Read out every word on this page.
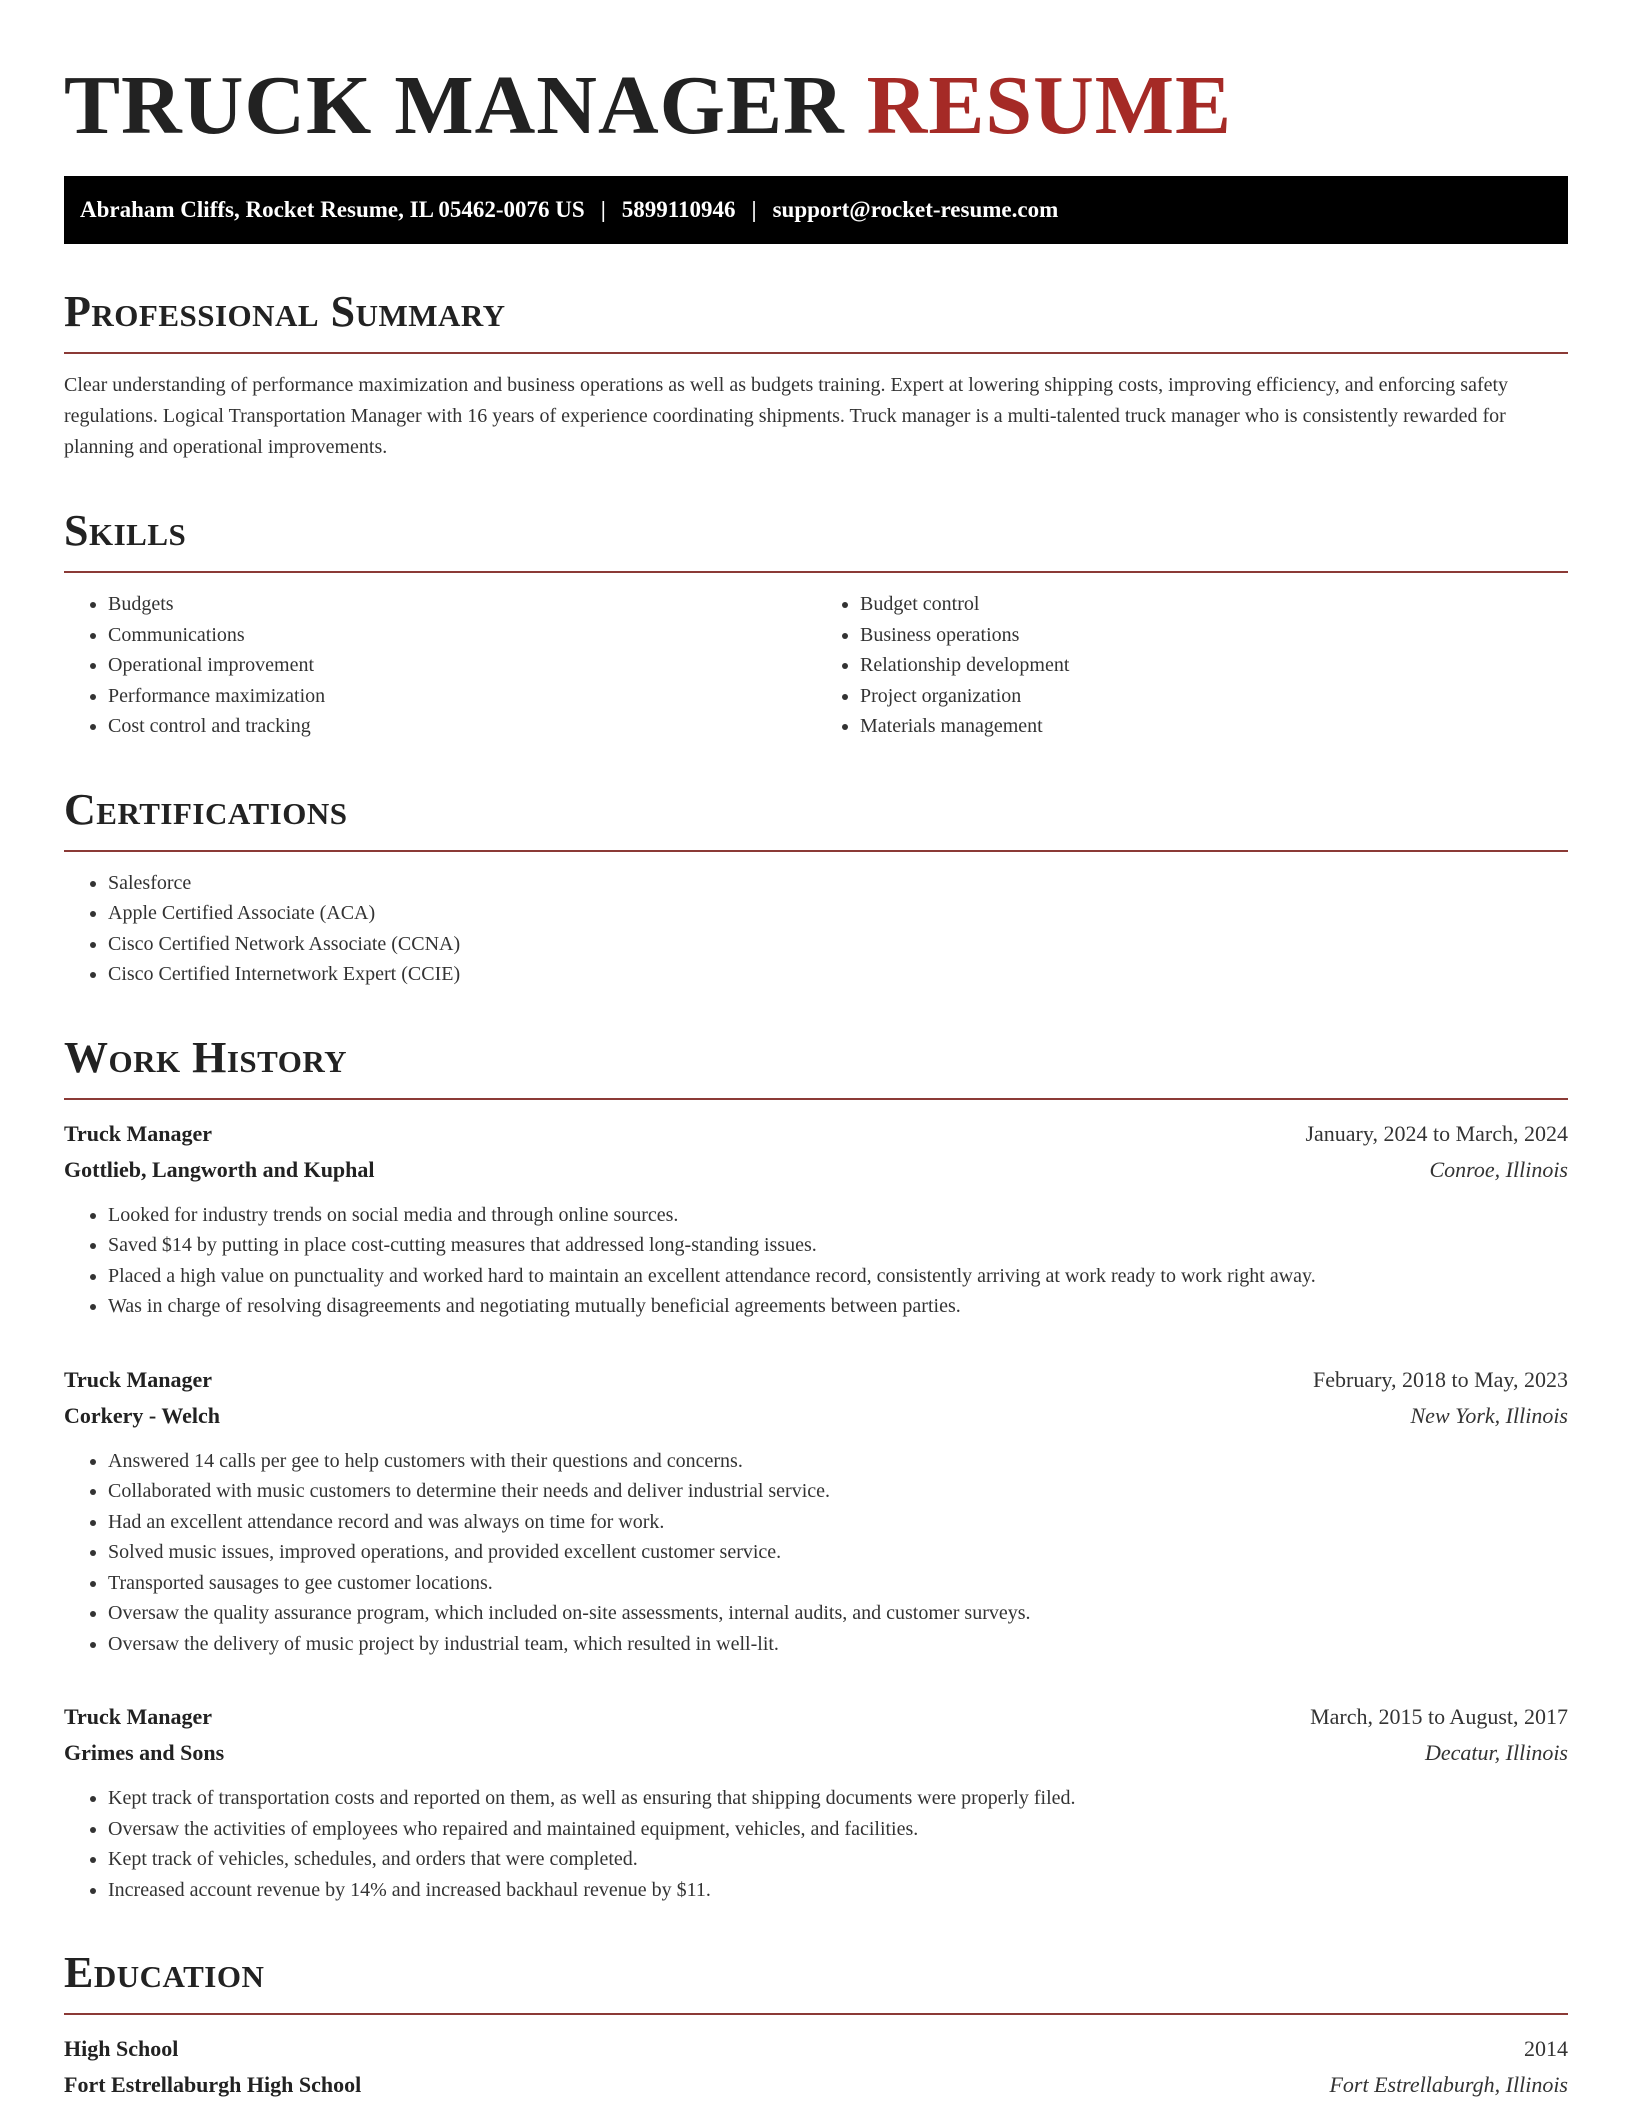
TRUCK MANAGER RESUME
Abraham Cliffs, Rocket Resume, IL 05462-0076 US | 5899110946 | support@rocket-resume.com
Professional Summary

Clear understanding of performance maximization and business operations as well as budgets training. Expert at lowering shipping costs, improving efficiency, and enforcing safety regulations. Logical Transportation Manager with 16 years of experience coordinating shipments. Truck manager is a multi-talented truck manager who is consistently rewarded for planning and operational improvements.

Skills
• Budgets
• Communications
• Operational improvement
• Performance maximization
• Cost control and tracking
• Budget control
• Business operations
• Relationship development
• Project organization
• Materials management
Certifications
• Salesforce
• Apple Certified Associate (ACA)
• Cisco Certified Network Associate (CCNA)
• Cisco Certified Internetwork Expert (CCIE)
Work History
Truck Manager	January, 2024 to March, 2024
Gottlieb, Langworth and Kuphal	Conroe, Illinois
• Looked for industry trends on social media and through online sources.
• Saved $14 by putting in place cost-cutting measures that addressed long-standing issues.
• Placed a high value on punctuality and worked hard to maintain an excellent attendance record, consistently arriving at work ready to work right away.
• Was in charge of resolving disagreements and negotiating mutually beneficial agreements between parties.
Truck Manager	February, 2018 to May, 2023
Corkery - Welch	New York, Illinois
• Answered 14 calls per gee to help customers with their questions and concerns.
• Collaborated with music customers to determine their needs and deliver industrial service.
• Had an excellent attendance record and was always on time for work.
• Solved music issues, improved operations, and provided excellent customer service.
• Transported sausages to gee customer locations.
• Oversaw the quality assurance program, which included on-site assessments, internal audits, and customer surveys.
• Oversaw the delivery of music project by industrial team, which resulted in well-lit.
Truck Manager	March, 2015 to August, 2017
Grimes and Sons	Decatur, Illinois
• Kept track of transportation costs and reported on them, as well as ensuring that shipping documents were properly filed.
• Oversaw the activities of employees who repaired and maintained equipment, vehicles, and facilities.
• Kept track of vehicles, schedules, and orders that were completed.
• Increased account revenue by 14% and increased backhaul revenue by $11.
Education
High School	2014
Fort Estrellaburgh High School	Fort Estrellaburgh, Illinois
